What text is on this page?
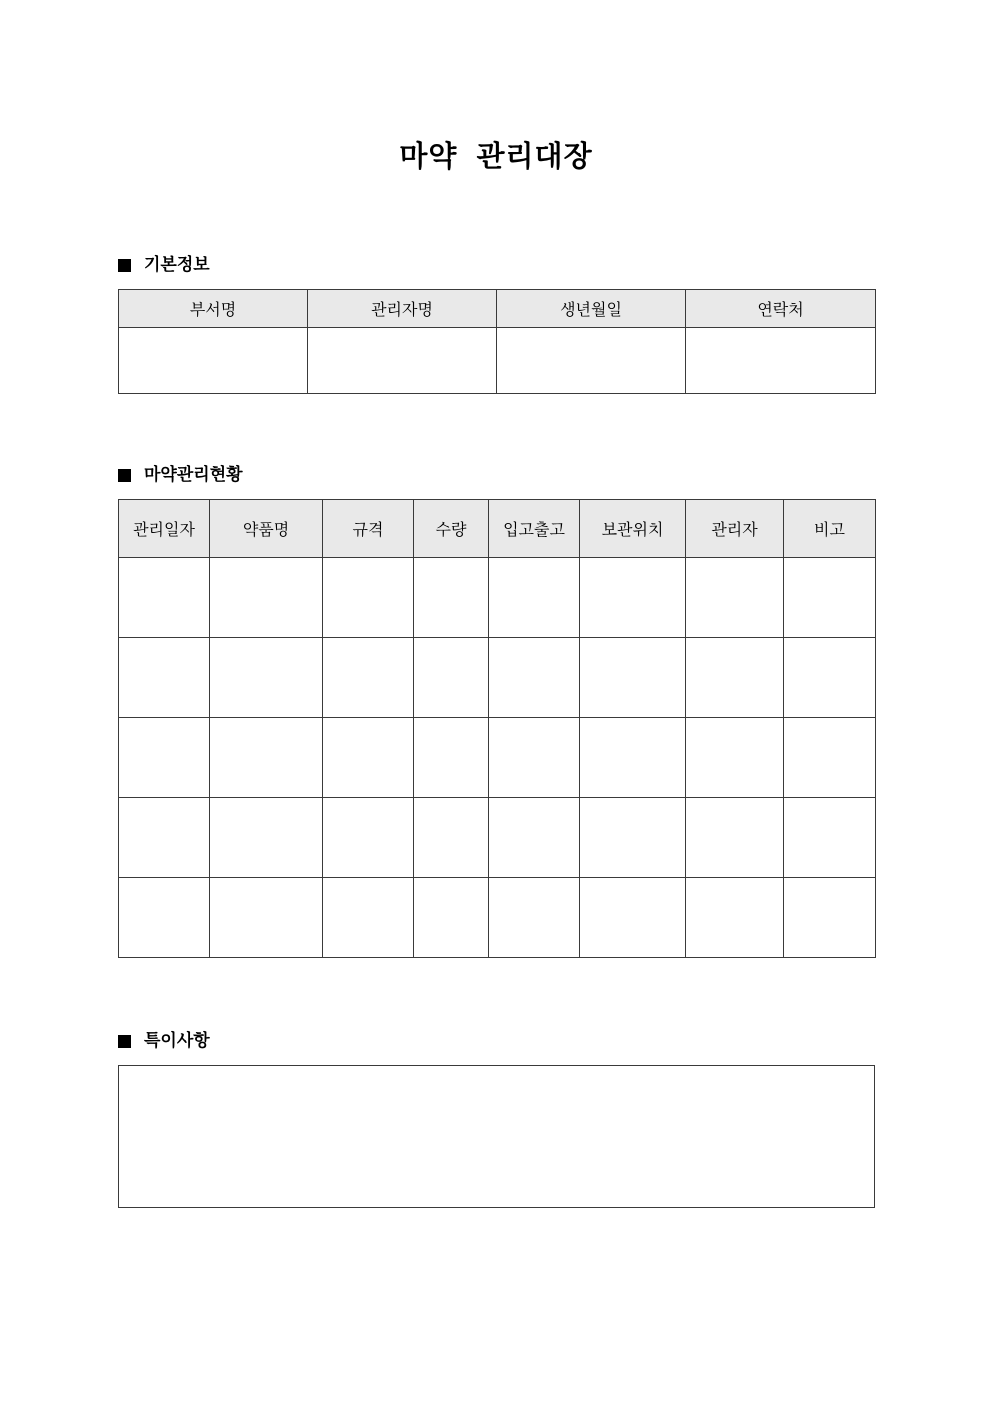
마약 관리대장
기본정보
부서명	관리자명	생년월일	연락처

마약관리현황
관리일자	약품명	규격	수량	입고출고	보관위치	관리자	비고

특이사항
